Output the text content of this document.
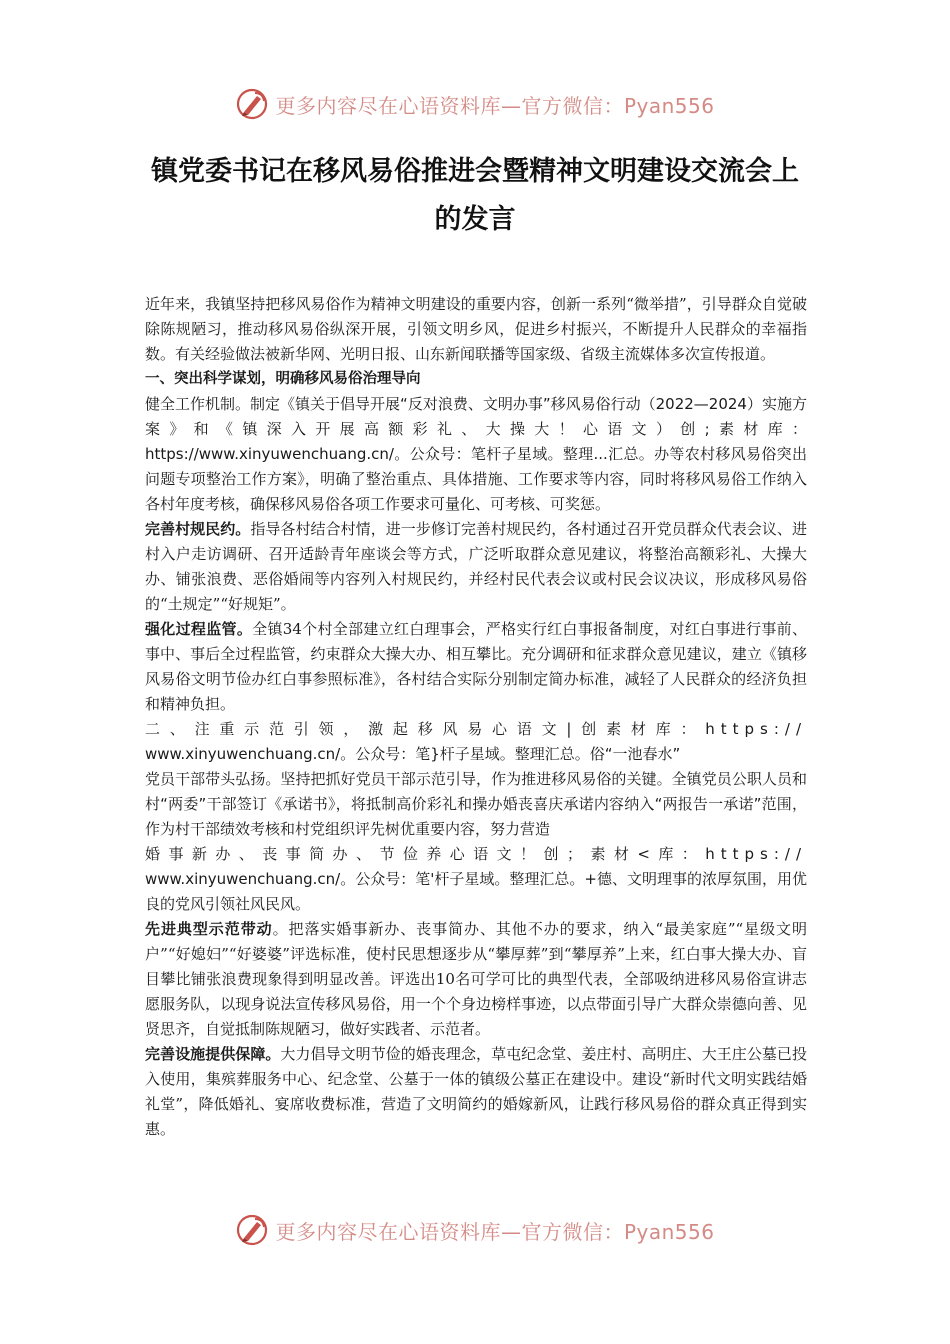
更多内容尽在心语资料库—官方微信：Pyan556
镇党委书记在移风易俗推进会暨精神文明建设交流会上的发言

近年来，我镇坚持把移风易俗作为精神文明建设的重要内容，创新一系列“微举措”，引导群众自觉破除陈规陋习，推动移风易俗纵深开展，引领文明乡风，促进乡村振兴，不断提升人民群众的幸福指数。有关经验做法被新华网、光明日报、山东新闻联播等国家级、省级主流媒体多次宣传报道。

一、突出科学谋划，明确移风易俗治理导向

健全工作机制。制定《镇关于倡导开展“反对浪费、文明办事”移风易俗行动（2022—2024）实施方案》和《镇深入开展高额彩礼、大操大！心语文）创;素材库：https://www.xinyuwenchuang.cn/。公众号：笔杆子星域。整理...汇总。办等农村移风易俗突出问题专项整治工作方案》，明确了整治重点、具体措施、工作要求等内容，同时将移风易俗工作纳入各村年度考核，确保移风易俗各项工作要求可量化、可考核、可奖惩。

完善村规民约。指导各村结合村情，进一步修订完善村规民约，各村通过召开党员群众代表会议、进村入户走访调研、召开适龄青年座谈会等方式，广泛听取群众意见建议，将整治高额彩礼、大操大办、铺张浪费、恶俗婚闹等内容列入村规民约，并经村民代表会议或村民会议决议，形成移风易俗的“土规定”“好规矩”。

强化过程监管。全镇34个村全部建立红白理事会，严格实行红白事报备制度，对红白事进行事前、事中、事后全过程监管，约束群众大操大办、相互攀比。充分调研和征求群众意见建议，建立《镇移风易俗文明节俭办红白事参照标准》，各村结合实际分别制定简办标准，减轻了人民群众的经济负担和精神负担。

二、注重示范引领，激起移风易心语文|创素材库：https://

www.xinyuwenchuang.cn/。公众号：笔}杆子星域。整理汇总。俗“一池春水”

党员干部带头弘扬。坚持把抓好党员干部示范引导，作为推进移风易俗的关键。全镇党员公职人员和村“两委”干部签订《承诺书》，将抵制高价彩礼和操办婚丧喜庆承诺内容纳入“两报告一承诺”范围，作为村干部绩效考核和村党组织评先树优重要内容，努力营造

婚事新办、丧事简办、节俭养心语文！创；素材<库：https://

www.xinyuwenchuang.cn/。公众号：笔'杆子星域。整理汇总。+德、文明理事的浓厚氛围，用优良的党风引领社风民风。

先进典型示范带动。把落实婚事新办、丧事简办、其他不办的要求，纳入“最美家庭”“星级文明户”“好媳妇”“好婆婆”评选标准，使村民思想逐步从“攀厚葬”到“攀厚养”上来，红白事大操大办、盲目攀比铺张浪费现象得到明显改善。评选出10名可学可比的典型代表，全部吸纳进移风易俗宣讲志愿服务队，以现身说法宣传移风易俗，用一个个身边榜样事迹，以点带面引导广大群众崇德向善、见贤思齐，自觉抵制陈规陋习，做好实践者、示范者。

完善设施提供保障。大力倡导文明节俭的婚丧理念，草屯纪念堂、姜庄村、高明庄、大王庄公墓已投入使用，集殡葬服务中心、纪念堂、公墓于一体的镇级公墓正在建设中。建设“新时代文明实践结婚礼堂”，降低婚礼、宴席收费标准，营造了文明简约的婚嫁新风，让践行移风易俗的群众真正得到实惠。

更多内容尽在心语资料库—官方微信：Pyan556
